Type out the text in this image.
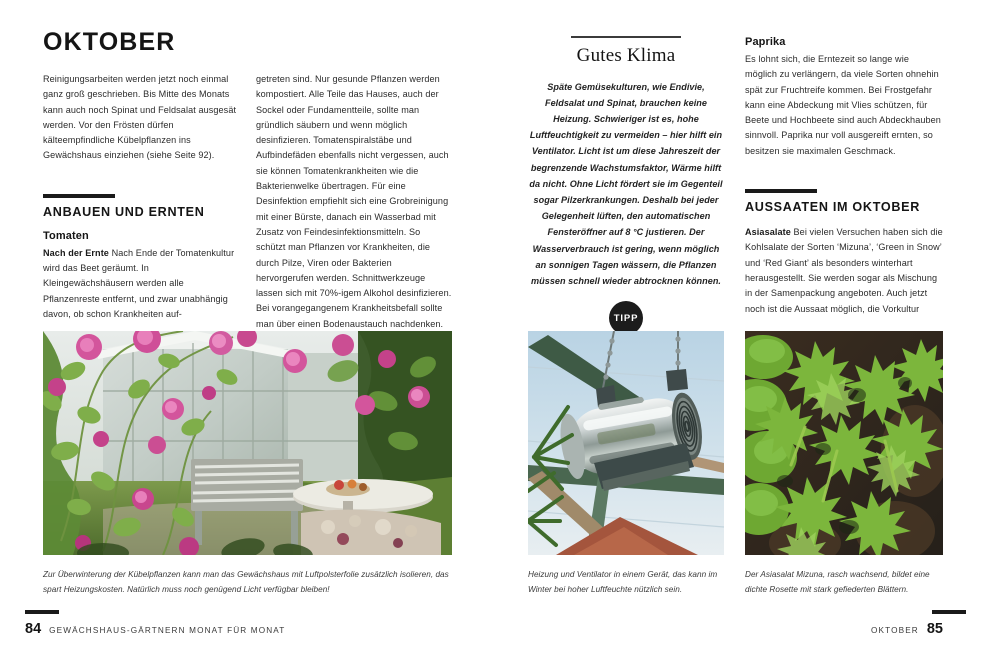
OKTOBER
Reinigungsarbeiten werden jetzt noch einmal ganz groß geschrieben. Bis Mitte des Monats kann auch noch Spinat und Feldsalat ausgesät werden. Vor den Frösten dürfen kälteempfindliche Kübelpflanzen ins Gewächshaus einziehen (siehe Seite 92).
ANBAUEN UND ERNTEN
Tomaten
Nach der Ernte Nach Ende der Tomatenkultur wird das Beet geräumt. In Kleingewächshäusern werden alle Pflanzenreste entfernt, und zwar unabhängig davon, ob schon Krankheiten auf-
getreten sind. Nur gesunde Pflanzen werden kompostiert. Alle Teile das Hauses, auch der Sockel oder Fundamentteile, sollte man gründlich säubern und wenn möglich desinfizieren. Tomatenspiralstäbe und Aufbindefäden ebenfalls nicht vergessen, auch sie können Tomatenkrankheiten wie die Bakterienwelke übertragen. Für eine Desinfektion empfiehlt sich eine Grobreinigung mit einer Bürste, danach ein Wasserbad mit Zusatz von Feindesinfektionsmitteln. So schützt man Pflanzen vor Krankheiten, die durch Pilze, Viren oder Bakterien hervorgerufen werden. Schnittwerkzeuge lassen sich mit 70%-igem Alkohol desinfizieren. Bei vorangegangenem Krankheitsbefall sollte man über einen Bodenaustauch nachdenken.
Gutes Klima
Späte Gemüsekulturen, wie Endivie, Feldsalat und Spinat, brauchen keine Heizung. Schwieriger ist es, hohe Luftfeuchtigkeit zu vermeiden – hier hilft ein Ventilator. Licht ist um diese Jahreszeit der begrenzende Wachstumsfaktor, Wärme hilft da nicht. Ohne Licht fördert sie im Gegenteil sogar Pilzerkrankungen. Deshalb bei jeder Gelegenheit lüften, den automatischen Fensteröffner auf 8 °C justieren. Der Wasserverbrauch ist gering, wenn möglich an sonnigen Tagen wässern, die Pflanzen müssen schnell wieder abtrocknen können.
TIPP
Paprika
Es lohnt sich, die Erntezeit so lange wie möglich zu verlängern, da viele Sorten ohnehin spät zur Fruchtreife kommen. Bei Frostgefahr kann eine Abdeckung mit Vlies schützen, für Beete und Hochbeete sind auch Abdeckhauben sinnvoll. Paprika nur voll ausgereift ernten, so besitzen sie maximalen Geschmack.
AUSSAATEN IM OKTOBER
Asiasalate Bei vielen Versuchen haben sich die Kohlsalate der Sorten ‘Mizuna’, ‘Green in Snow’ und ‘Red Giant’ als besonders winterhart herausgestellt. Sie werden sogar als Mischung in der Samenpackung angeboten. Auch jetzt noch ist die Aussaat möglich, die Vorkultur
Zur Überwinterung der Kübelpflanzen kann man das Gewächshaus mit Luftpolsterfolie zusätzlich isolieren, das spart Heizungskosten. Natürlich muss noch genügend Licht verfügbar bleiben!
Heizung und Ventilator in einem Gerät, das kann im Winter bei hoher Luftfeuchte nützlich sein.
Der Asiasalat Mizuna, rasch wachsend, bildet eine dichte Rosette mit stark gefiederten Blättern.
84 GEWÄCHSHAUS-GÄRTNERN MONAT FÜR MONAT	OKTOBER 85
